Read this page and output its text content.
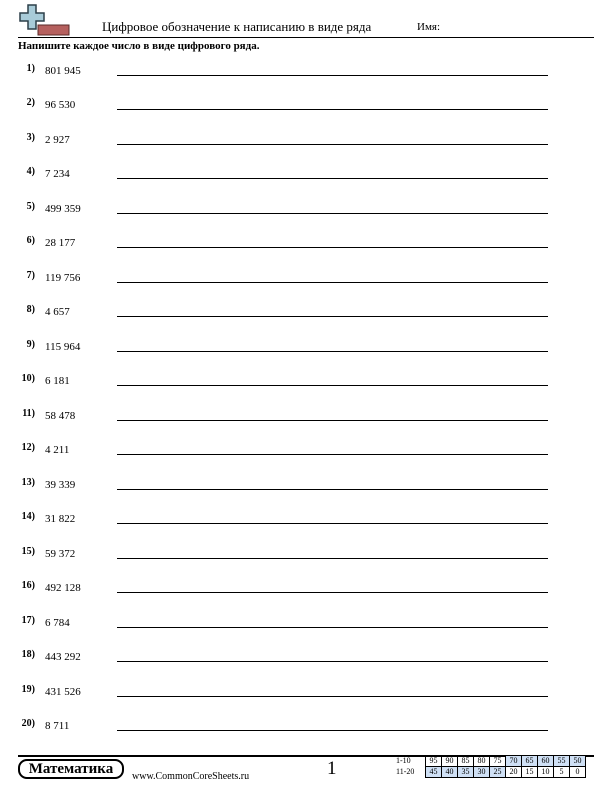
Цифровое обозначение к написанию в виде ряда	Имя:
Напишите каждое число в виде цифрового ряда.
1) 801 945
2) 96 530
3) 2 927
4) 7 234
5) 499 359
6) 28 177
7) 119 756
8) 4 657
9) 115 964
10) 6 181
11) 58 478
12) 4 211
13) 39 339
14) 31 822
15) 59 372
16) 492 128
17) 6 784
18) 443 292
19) 431 526
20) 8 711
Математика	www.CommonCoreSheets.ru	1	1-10	95	90	85	80	75	70	65	60	55	50
11-20	45	40	35	30	25	20	15	10	5	0
